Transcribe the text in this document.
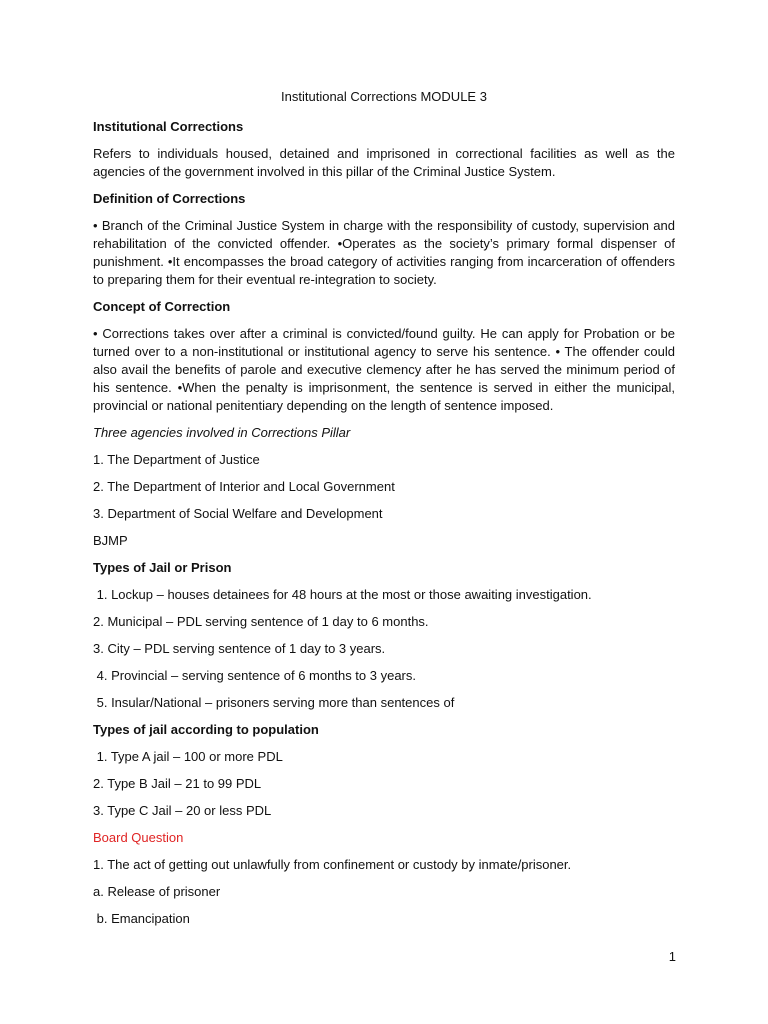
Institutional Corrections MODULE 3

Institutional Corrections

Refers to individuals housed, detained and imprisoned in correctional facilities as well as the agencies of the government involved in this pillar of the Criminal Justice System.

Definition of Corrections

• Branch of the Criminal Justice System in charge with the responsibility of custody, supervision and rehabilitation of the convicted offender. •Operates as the society’s primary formal dispenser of punishment. •It encompasses the broad category of activities ranging from incarceration of offenders to preparing them for their eventual re-integration to society.

Concept of Correction

• Corrections takes over after a criminal is convicted/found guilty. He can apply for Probation or be turned over to a non-institutional or institutional agency to serve his sentence. • The offender could also avail the benefits of parole and executive clemency after he has served the minimum period of his sentence. •When the penalty is imprisonment, the sentence is served in either the municipal, provincial or national penitentiary depending on the length of sentence imposed.

Three agencies involved in Corrections Pillar

1. The Department of Justice

2. The Department of Interior and Local Government

3. Department of Social Welfare and Development

BJMP

Types of Jail or Prison

1. Lockup – houses detainees for 48 hours at the most or those awaiting investigation.

2. Municipal – PDL serving sentence of 1 day to 6 months.

3. City – PDL serving sentence of 1 day to 3 years.

4. Provincial – serving sentence of 6 months to 3 years.

5. Insular/National – prisoners serving more than sentences of

Types of jail according to population

1. Type A jail – 100 or more PDL

2. Type B Jail – 21 to 99 PDL

3. Type C Jail – 20 or less PDL

Board Question

1. The act of getting out unlawfully from confinement or custody by inmate/prisoner.

a. Release of prisoner

b. Emancipation

1
